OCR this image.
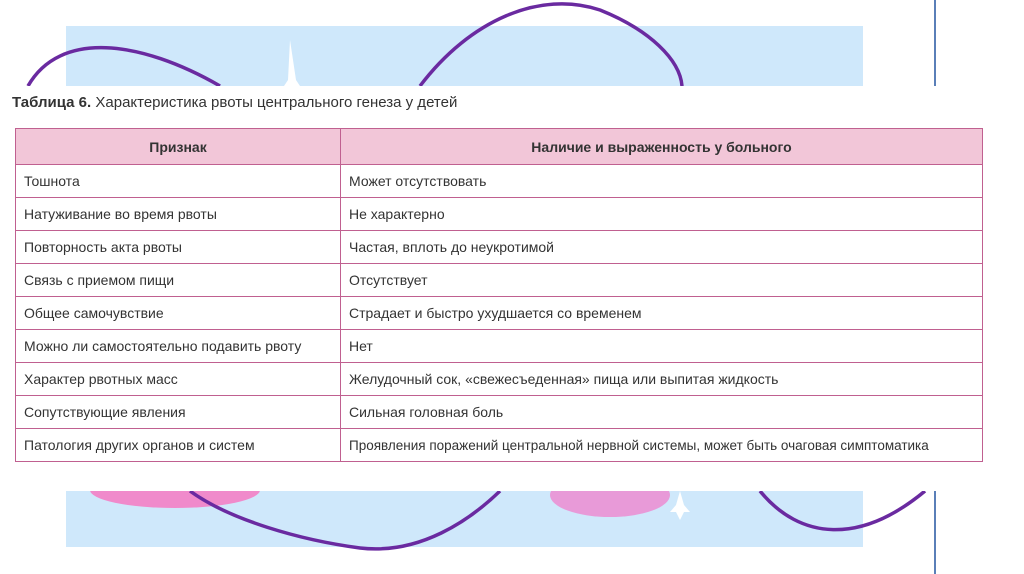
Таблица 6. Характеристика рвоты центрального генеза у детей
Признак	Наличие и выраженность у больного
Тошнота	Может отсутствовать
Натуживание во время рвоты	Не характерно
Повторность акта рвоты	Частая, вплоть до неукротимой
Связь с приемом пищи	Отсутствует
Общее самочувствие	Страдает и быстро ухудшается со временем
Можно ли самостоятельно подавить рвоту	Нет
Характер рвотных масс	Желудочный сок, «свежесъеденная» пища или выпитая жидкость
Сопутствующие явления	Сильная головная боль
Патология других органов и систем	Проявления поражений центральной нервной системы, может быть очаговая симптоматика
